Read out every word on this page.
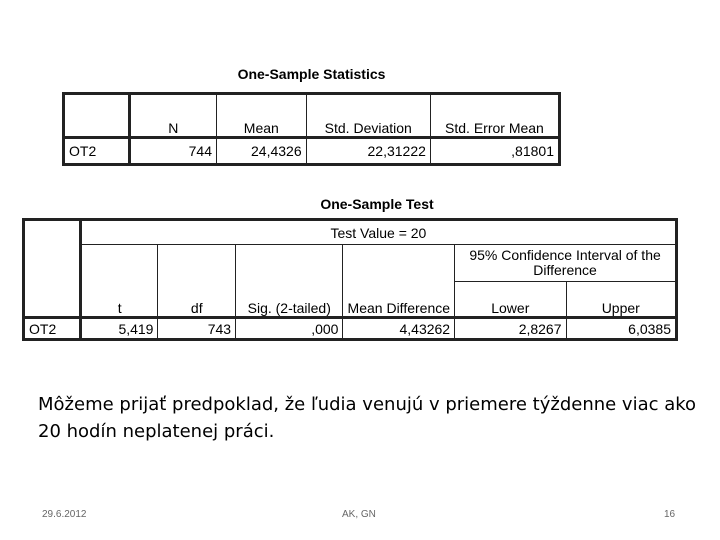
One-Sample Statistics
	N	Mean	Std. Deviation	Std. Error Mean
OT2	744	24,4326	22,31222	,81801
One-Sample Test
	Test Value = 20					
	t	df	Sig. (2-tailed)	Mean Difference	95% Confidence Interval of the Difference	
					Lower	Upper
OT2	5,419	743	,000	4,43262	2,8267	6,0385
Môžeme prijať predpoklad, že ľudia venujú v priemere týždenne viac ako 20 hodín neplatenej práci.
29.6.2012	AK, GN	16
